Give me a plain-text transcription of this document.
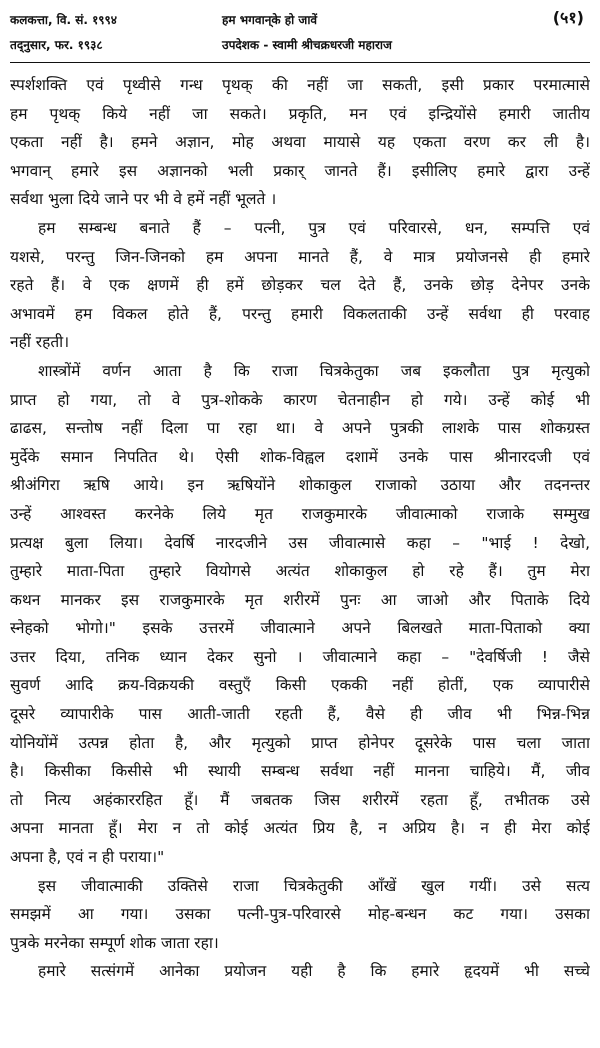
कलकत्ता, वि. सं. १९९४	हम भगवान्‌के हो जावें	(५१)
तद्नुसार, फर. १९३८	उपदेशक - स्वामी श्रीचक्रधरजी महाराज
स्पर्शशक्ति एवं पृथ्वीसे गन्ध पृथक् की नहीं जा सकती, इसी प्रकार परमात्मासे
हम पृथक् किये नहीं जा सकते। प्रकृति, मन एवं इन्द्रियोंसे हमारी जातीय
एकता नहीं है। हमने अज्ञान, मोह अथवा मायासे यह एकता वरण कर ली है।
भगवान् हमारे इस अज्ञानको भली प्रकार् जानते हैं। इसीलिए हमारे द्वारा उन्हें
सर्वथा भुला दिये जाने पर भी वे हमें नहीं भूलते ।
हम सम्बन्ध बनाते हैं – पत्नी, पुत्र एवं परिवारसे, धन, सम्पत्ति एवं
यशसे, परन्तु जिन-जिनको हम अपना मानते हैं, वे मात्र प्रयोजनसे ही हमारे
रहते हैं। वे एक क्षणमें ही हमें छोड़कर चल देते हैं, उनके छोड़ देनेपर उनके
अभावमें हम विकल होते हैं, परन्तु हमारी विकलताकी उन्हें सर्वथा ही परवाह
नहीं रहती।
शास्त्रोंमें वर्णन आता है कि राजा चित्रकेतुका जब इकलौता पुत्र मृत्युको
प्राप्त हो गया, तो वे पुत्र-शोकके कारण चेतनाहीन हो गये। उन्हें कोई भी
ढाढस, सन्तोष नहीं दिला पा रहा था। वे अपने पुत्रकी लाशके पास शोकग्रस्त
मुर्देके समान निपतित थे। ऐसी शोक-विह्वल दशामें उनके पास श्रीनारदजी एवं
श्रीअंगिरा ऋषि आये। इन ऋषियोंने शोकाकुल राजाको उठाया और तदनन्तर
उन्हें आश्वस्त करनेके लिये मृत राजकुमारके जीवात्माको राजाके सम्मुख
प्रत्यक्ष बुला लिया। देवर्षि नारदजीने उस जीवात्मासे कहा – "भाई ! देखो,
तुम्हारे माता-पिता तुम्हारे वियोगसे अत्यंत शोकाकुल हो रहे हैं। तुम मेरा
कथन मानकर इस राजकुमारके मृत शरीरमें पुनः आ जाओ और पिताके दिये
स्नेहको भोगो।" इसके उत्तरमें जीवात्माने अपने बिलखते माता-पिताको क्या
उत्तर दिया, तनिक ध्यान देकर सुनो । जीवात्माने कहा – "देवर्षिजी ! जैसे
सुवर्ण आदि क्रय-विक्रयकी वस्तुएँ किसी एककी नहीं होतीं, एक व्यापारीसे
दूसरे व्यापारीके पास आती-जाती रहती हैं, वैसे ही जीव भी भिन्न-भिन्न
योनियोंमें उत्पन्न होता है, और मृत्युको प्राप्त होनेपर दूसरेके पास चला जाता
है। किसीका किसीसे भी स्थायी सम्बन्ध सर्वथा नहीं मानना चाहिये। मैं, जीव
तो नित्य अहंकाररहित हूँ। मैं जबतक जिस शरीरमें रहता हूँ, तभीतक उसे
अपना मानता हूँ। मेरा न तो कोई अत्यंत प्रिय है, न अप्रिय है। न ही मेरा कोई
अपना है, एवं न ही पराया।"
इस जीवात्माकी उक्तिसे राजा चित्रकेतुकी आँखें खुल गयीं। उसे सत्य
समझमें आ गया। उसका पत्नी-पुत्र-परिवारसे मोह-बन्धन कट गया। उसका
पुत्रके मरनेका सम्पूर्ण शोक जाता रहा।
हमारे सत्संगमें आनेका प्रयोजन यही है कि हमारे हृदयमें भी सच्चे
